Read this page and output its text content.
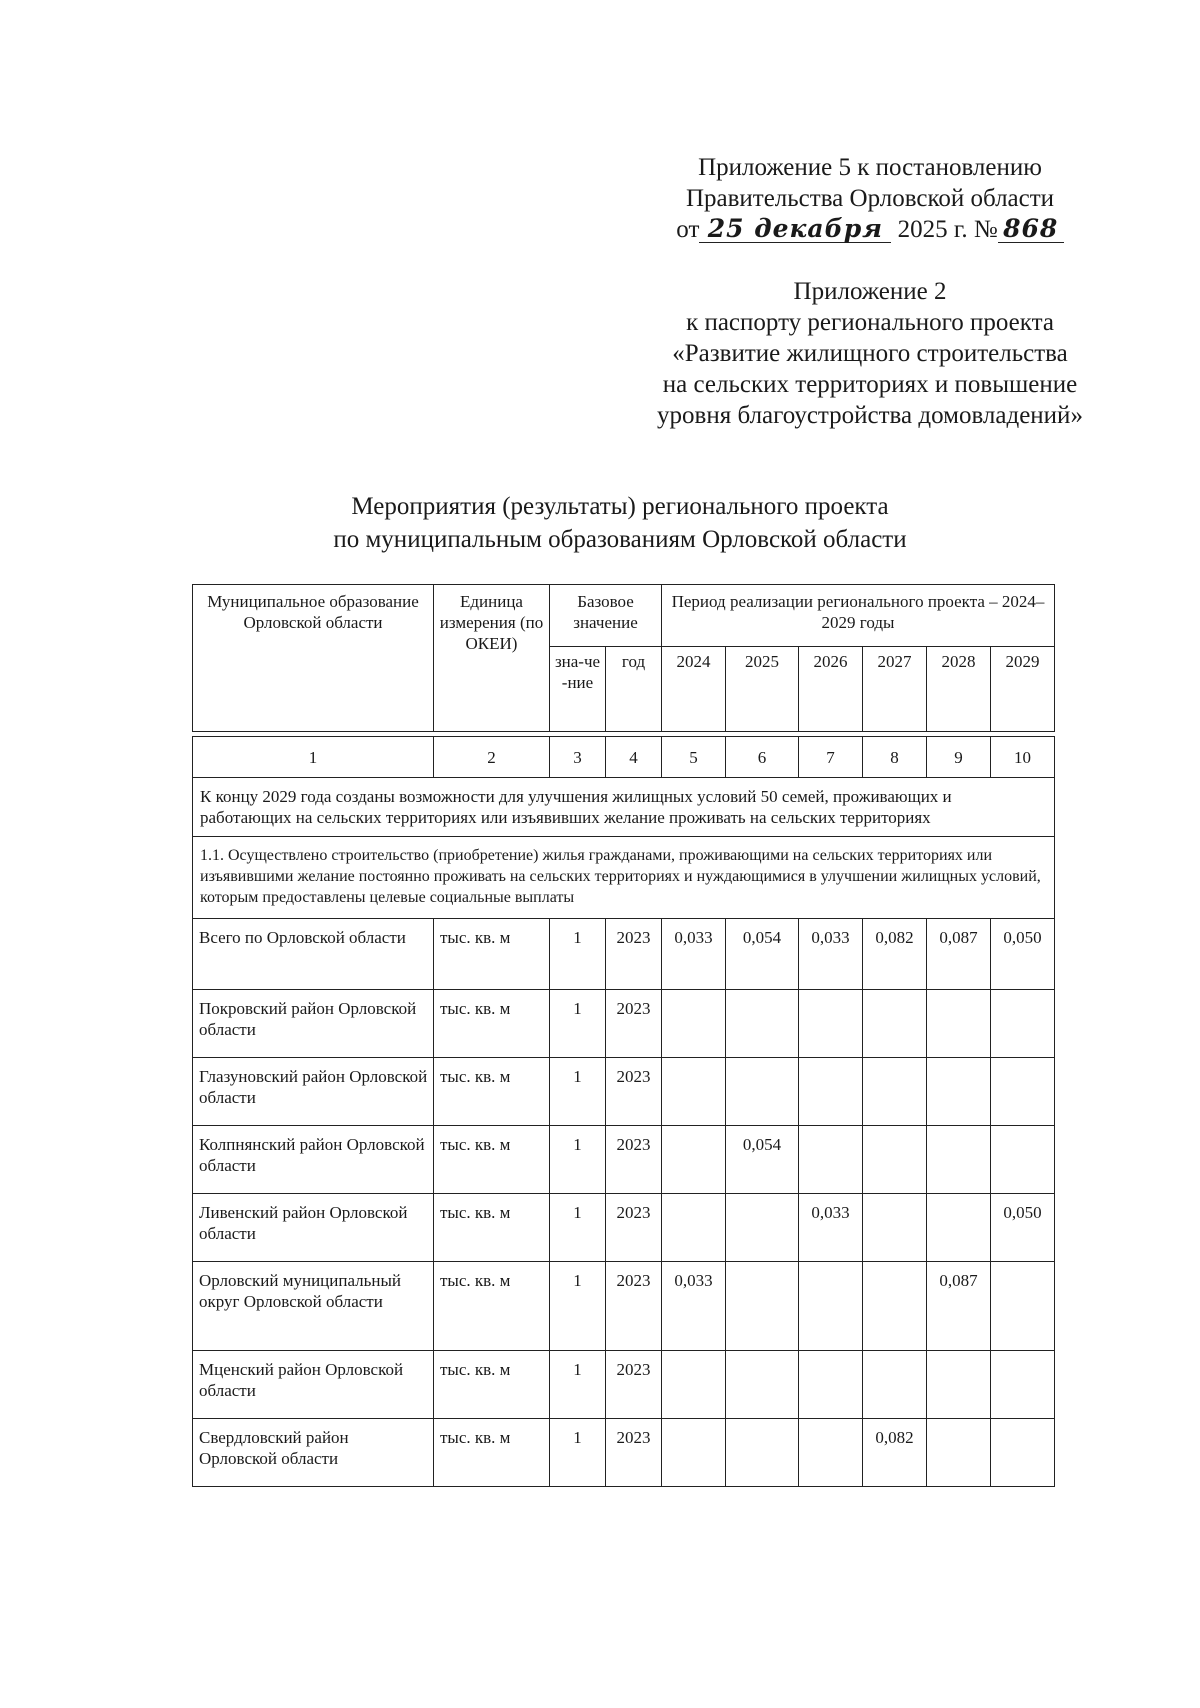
Приложение 5 к постановлению
Правительства Орловской области
от 25 декабря 2025 г. № 868
Приложение 2
к паспорту регионального проекта
«Развитие жилищного строительства
на сельских территориях и повышение
уровня благоустройства домовладений»
Мероприятия (результаты) регионального проекта
по муниципальным образованиям Орловской области
Муниципальное образование Орловской области	Единица измерения (по ОКЕИ)	Базовое значение		Период реализации регионального проекта – 2024–2029 годы					
		зна-че-ние	год	2024	2025	2026	2027	2028	2029

1	2	3	4	5	6	7	8	9	10
К концу 2029 года созданы возможности для улучшения жилищных условий 50 семей, проживающих и работающих на сельских территориях или изъявивших желание проживать на сельских территориях									
1.1. Осуществлено строительство (приобретение) жилья гражданами, проживающими на сельских территориях или изъявившими желание постоянно проживать на сельских территориях и нуждающимися в улучшении жилищных условий, которым предоставлены целевые социальные выплаты									
Всего по Орловской области	тыс. кв. м	1	2023	0,033	0,054	0,033	0,082	0,087	0,050
Покровский район Орловской области	тыс. кв. м	1	2023						
Глазуновский район Орловской области	тыс. кв. м	1	2023						
Колпнянский район Орловской области	тыс. кв. м	1	2023		0,054				
Ливенский район Орловской области	тыс. кв. м	1	2023			0,033			0,050
Орловский муниципальный округ Орловской области	тыс. кв. м	1	2023	0,033				0,087	
Мценский район Орловской области	тыс. кв. м	1	2023						
Свердловский район Орловской области	тыс. кв. м	1	2023				0,082		
